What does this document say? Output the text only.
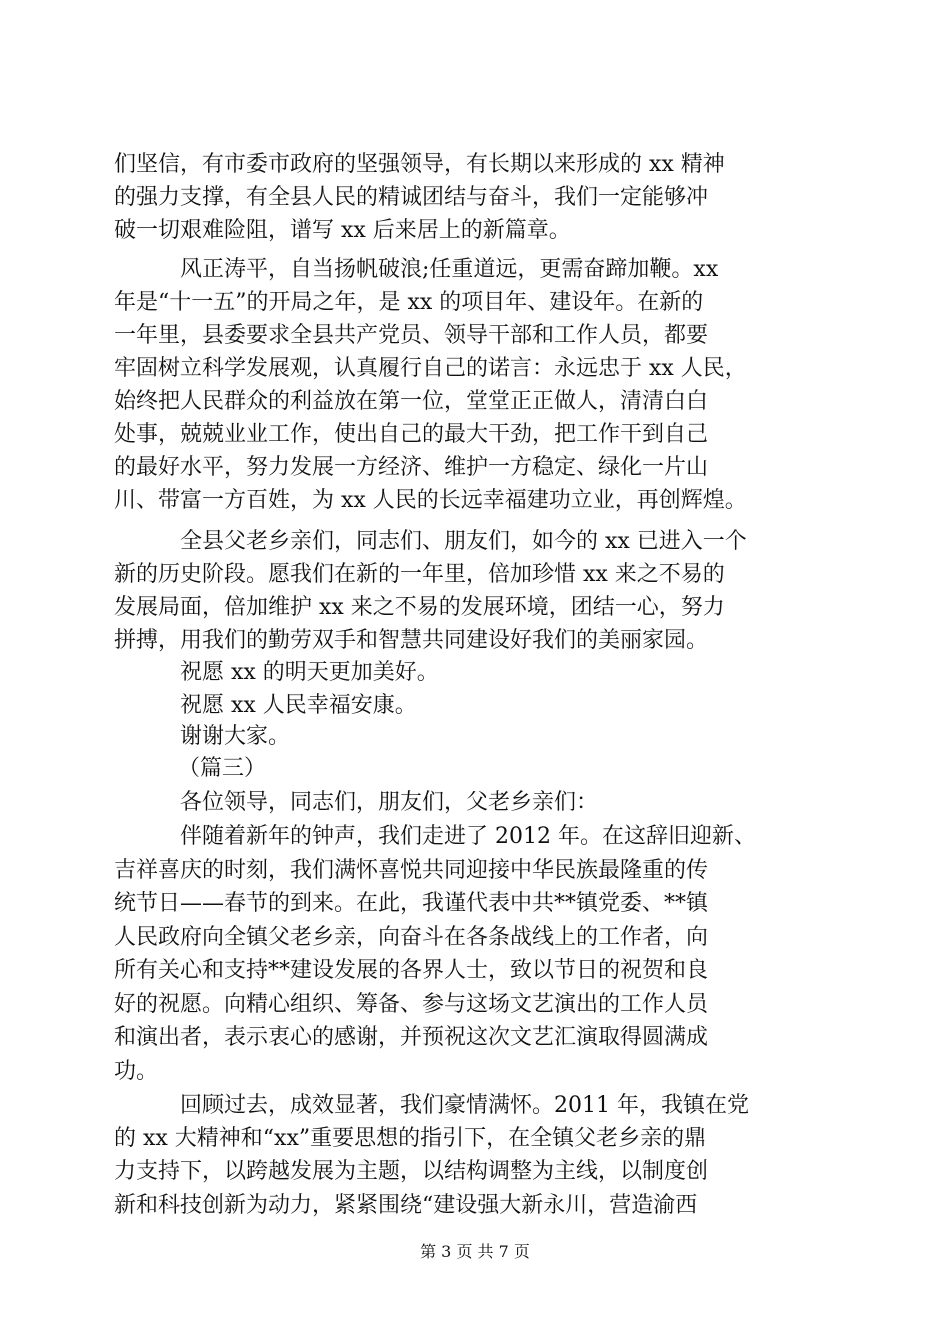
们坚信，有市委市政府的坚强领导，有长期以来形成的 xx 精神
的强力支撑，有全县人民的精诚团结与奋斗，我们一定能够冲
破一切艰难险阻，谱写 xx 后来居上的新篇章。
风正涛平，自当扬帆破浪;任重道远，更需奋蹄加鞭。xx
年是“十一五”的开局之年，是 xx 的项目年、建设年。在新的
一年里，县委要求全县共产党员、领导干部和工作人员，都要
牢固树立科学发展观，认真履行自己的诺言：永远忠于 xx 人民，
始终把人民群众的利益放在第一位，堂堂正正做人，清清白白
处事，兢兢业业工作，使出自己的最大干劲，把工作干到自己
的最好水平，努力发展一方经济、维护一方稳定、绿化一片山
川、带富一方百姓，为 xx 人民的长远幸福建功立业，再创辉煌。
全县父老乡亲们，同志们、朋友们，如今的 xx 已进入一个
新的历史阶段。愿我们在新的一年里，倍加珍惜 xx 来之不易的
发展局面，倍加维护 xx 来之不易的发展环境，团结一心，努力
拼搏，用我们的勤劳双手和智慧共同建设好我们的美丽家园。
祝愿 xx 的明天更加美好。
祝愿 xx 人民幸福安康。
谢谢大家。
（篇三）
各位领导，同志们，朋友们，父老乡亲们：
伴随着新年的钟声，我们走进了 2012 年。在这辞旧迎新、
吉祥喜庆的时刻，我们满怀喜悦共同迎接中华民族最隆重的传
统节日——春节的到来。在此，我谨代表中共**镇党委、**镇
人民政府向全镇父老乡亲，向奋斗在各条战线上的工作者，向
所有关心和支持**建设发展的各界人士，致以节日的祝贺和良
好的祝愿。向精心组织、筹备、参与这场文艺演出的工作人员
和演出者，表示衷心的感谢，并预祝这次文艺汇演取得圆满成
功。
回顾过去，成效显著，我们豪情满怀。2011 年，我镇在党
的 xx 大精神和“xx”重要思想的指引下，在全镇父老乡亲的鼎
力支持下，以跨越发展为主题，以结构调整为主线，以制度创
新和科技创新为动力，紧紧围绕“建设强大新永川，营造渝西
第 3 页 共 7 页
